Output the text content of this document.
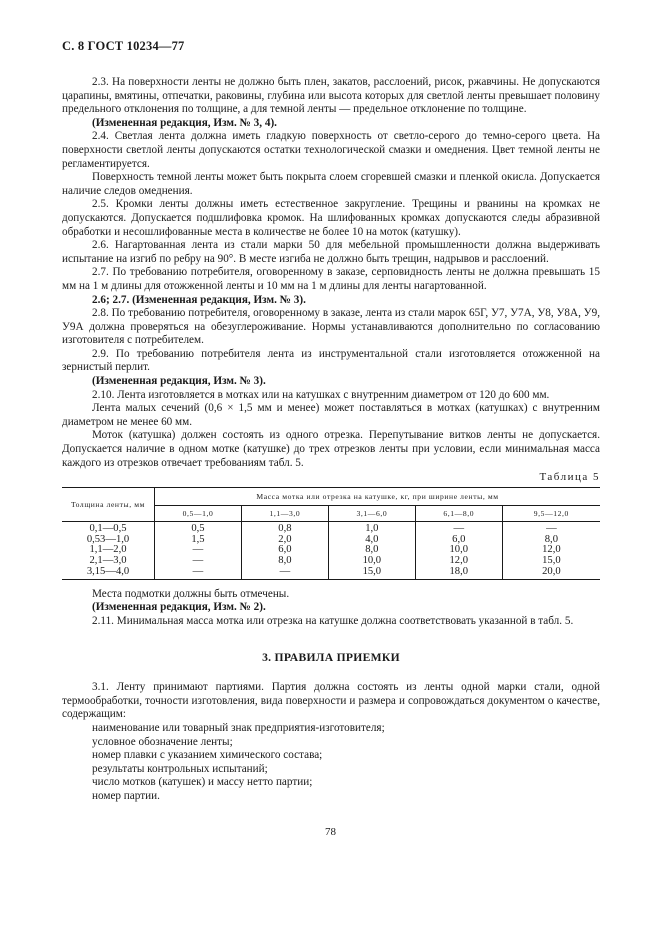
С. 8 ГОСТ 10234—77

2.3. На поверхности ленты не должно быть плен, закатов, расслоений, рисок, ржавчины. Не допускаются царапины, вмятины, отпечатки, раковины, глубина или высота которых для светлой ленты превышает половину предельного отклонения по толщине, а для темной ленты — предельное отклонение по толщине.

(Измененная редакция, Изм. № 3, 4).

2.4. Светлая лента должна иметь гладкую поверхность от светло-серого до темно-серого цвета. На поверхности светлой ленты допускаются остатки технологической смазки и омеднения. Цвет темной ленты не регламентируется.

Поверхность темной ленты может быть покрыта слоем сгоревшей смазки и пленкой окисла. Допускается наличие следов омеднения.

2.5. Кромки ленты должны иметь естественное закругление. Трещины и рванины на кромках не допускаются. Допускается подшлифовка кромок. На шлифованных кромках допускаются следы абразивной обработки и несошлифованные места в количестве не более 10 на моток (катушку).

2.6. Нагартованная лента из стали марки 50 для мебельной промышленности должна выдерживать испытание на изгиб по ребру на 90°. В месте изгиба не должно быть трещин, надрывов и расслоений.

2.7. По требованию потребителя, оговоренному в заказе, серповидность ленты не должна превышать 15 мм на 1 м длины для отожженной ленты и 10 мм на 1 м длины для ленты нагартованной.

2.6; 2.7. (Измененная редакция, Изм. № 3).

2.8. По требованию потребителя, оговоренному в заказе, лента из стали марок 65Г, У7, У7А, У8, У8А, У9, У9А должна проверяться на обезуглероживание. Нормы устанавливаются дополнительно по согласованию изготовителя с потребителем.

2.9. По требованию потребителя лента из инструментальной стали изготовляется отожженной на зернистый перлит.

(Измененная редакция, Изм. № 3).

2.10. Лента изготовляется в мотках или на катушках с внутренним диаметром от 120 до 600 мм.

Лента малых сечений (0,6 × 1,5 мм и менее) может поставляться в мотках (катушках) с внутренним диаметром не менее 60 мм.

Моток (катушка) должен состоять из одного отрезка. Перепутывание витков ленты не допускается. Допускается наличие в одном мотке (катушке) до трех отрезков ленты при условии, если минимальная масса каждого из отрезков отвечает требованиям табл. 5.

Таблица 5
Толщина ленты, мм	Масса мотка или отрезка на катушке, кг, при ширине ленты, мм				
	0,5—1,0	1,1—3,0	3,1—6,0	6,1—8,0	9,5—12,0
0,1—0,5	0,5	0,8	1,0	—	—
0,53—1,0	1,5	2,0	4,0	6,0	8,0
1,1—2,0	—	6,0	8,0	10,0	12,0
2,1—3,0	—	8,0	10,0	12,0	15,0
3,15—4,0	—	—	15,0	18,0	20,0

Места подмотки должны быть отмечены.

(Измененная редакция, Изм. № 2).

2.11. Минимальная масса мотка или отрезка на катушке должна соответствовать указанной в табл. 5.

3. ПРАВИЛА ПРИЕМКИ

3.1. Ленту принимают партиями. Партия должна состоять из ленты одной марки стали, одной термообработки, точности изготовления, вида поверхности и размера и сопровождаться документом о качестве, содержащим:

наименование или товарный знак предприятия-изготовителя;

условное обозначение ленты;

номер плавки с указанием химического состава;

результаты контрольных испытаний;

число мотков (катушек) и массу нетто партии;

номер партии.

78
